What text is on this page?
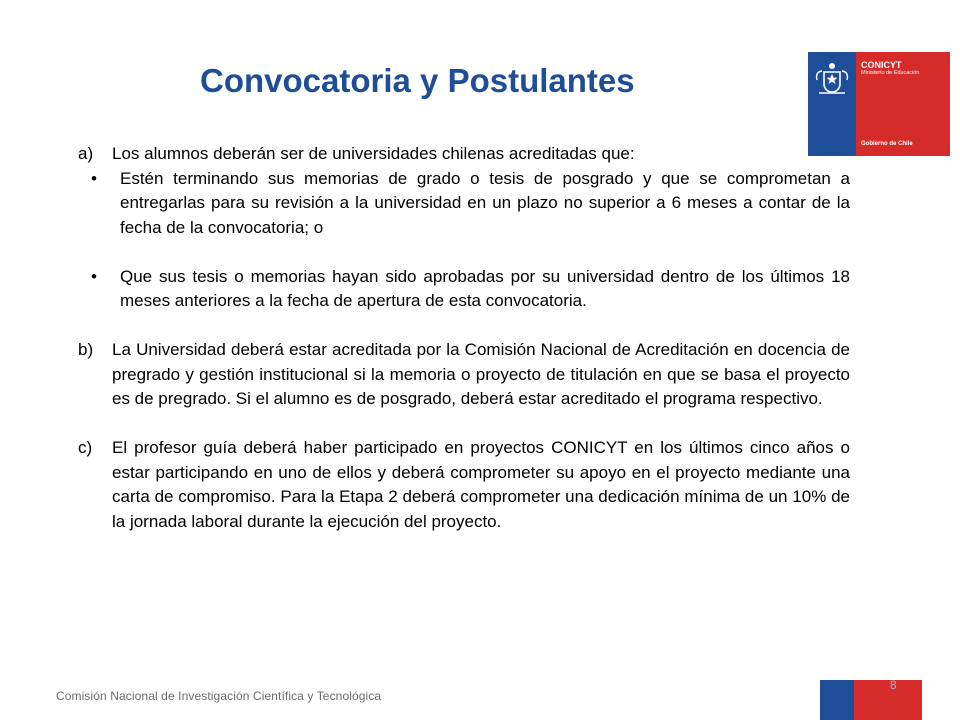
Convocatoria y Postulantes	CONICYT
Ministerio de Educación
Gobierno de Chile
a) Los alumnos deberán ser de universidades chilenas acreditadas que:
• Estén terminando sus memorias de grado o tesis de posgrado y que se comprometan a entregarlas para su revisión a la universidad en un plazo no superior a 6 meses a contar de la fecha de la convocatoria; o
• Que sus tesis o memorias hayan sido aprobadas por su universidad dentro de los últimos 18 meses anteriores a la fecha de apertura de esta convocatoria.
b) La Universidad deberá estar acreditada por la Comisión Nacional de Acreditación en docencia de pregrado y gestión institucional si la memoria o proyecto de titulación en que se basa el proyecto es de pregrado. Si el alumno es de posgrado, deberá estar acreditado el programa respectivo.
c) El profesor guía deberá haber participado en proyectos CONICYT en los últimos cinco años o estar participando en uno de ellos y deberá comprometer su apoyo en el proyecto mediante una carta de compromiso. Para la Etapa 2 deberá comprometer una dedicación mínima de un 10% de la jornada laboral durante la ejecución del proyecto.
Comisión Nacional de Investigación Científica y Tecnológica
8
